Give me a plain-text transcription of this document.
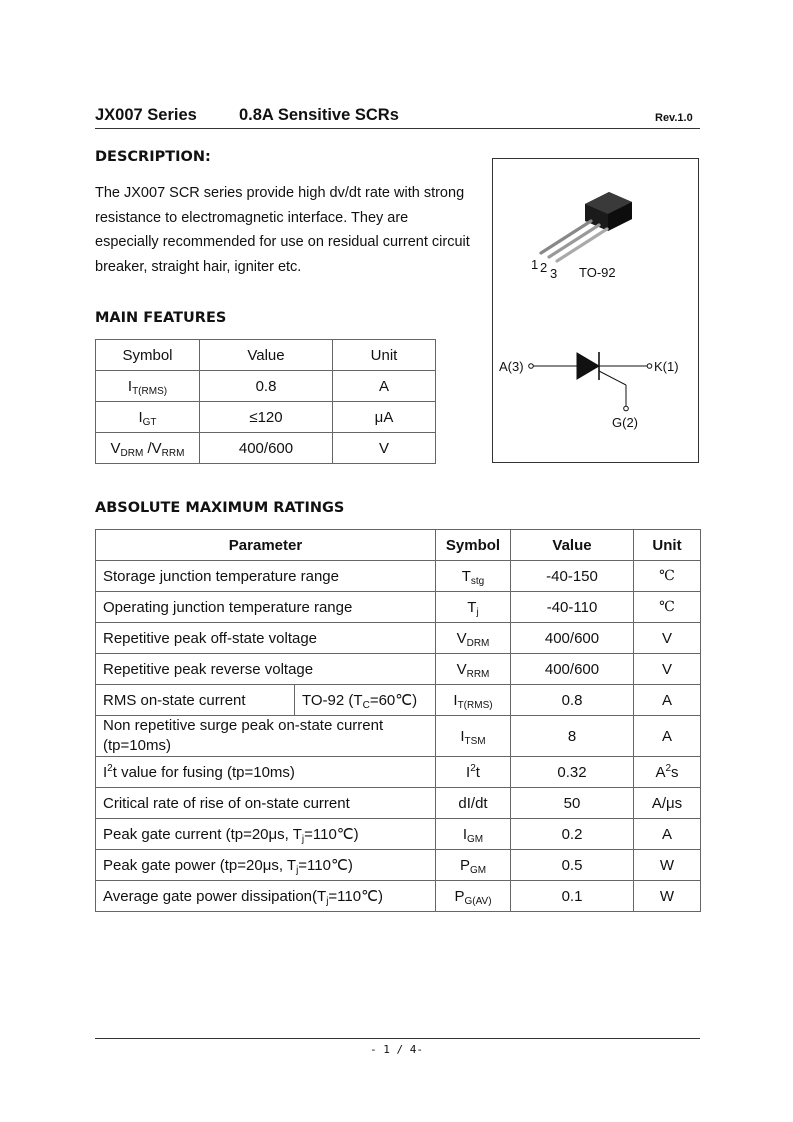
JX007 Series	0.8A Sensitive SCRs	Rev.1.0
DESCRIPTION:
The JX007 SCR series provide high dv/dt rate with strong resistance to electromagnetic interface. They are especially recommended for use on residual current circuit breaker, straight hair, igniter etc.	1 2 3 TO-92
A(3)	K(1)
G(2)
MAIN FEATURES
Symbol	Value	Unit
$I_{T(RMS)}$	0.8	A
$I_{GT}$	≤120	μA
$V_{DRM}$ $/V_{RRM}$	400/600	V
ABSOLUTE MAXIMUM RATINGS
Parameter		Symbol	Value	Unit
Storage junction temperature range		$T_{stg}$	-40-150	℃
Operating junction temperature range		$T_j$	-40-110	℃
Repetitive peak off-state voltage		$V_{DRM}$	400/600	V
Repetitive peak reverse voltage		$V_{RRM}$	400/600	V
RMS on-state current	TO-92 $(T_C=60℃)$	$I_{T(RMS)}$	0.8	A
Non repetitive surge peak on-state current (tp=10ms)		$I_{TSM}$	8	A
$I^2t$ value for fusing (tp=10ms)		$I^2t$	0.32	$A^2s$
Critical rate of rise of on-state current		dI/dt	50	A/μs
Peak gate current (tp=20μs, $T_j=110℃$)		$I_{GM}$	0.2	A
Peak gate power (tp=20μs, $T_j=110℃$)		$P_{GM}$	0.5	W
Average gate power $dissipation(T_j=110℃)$		$P_{G(AV)}$	0.1	W
- 1 / 4-
